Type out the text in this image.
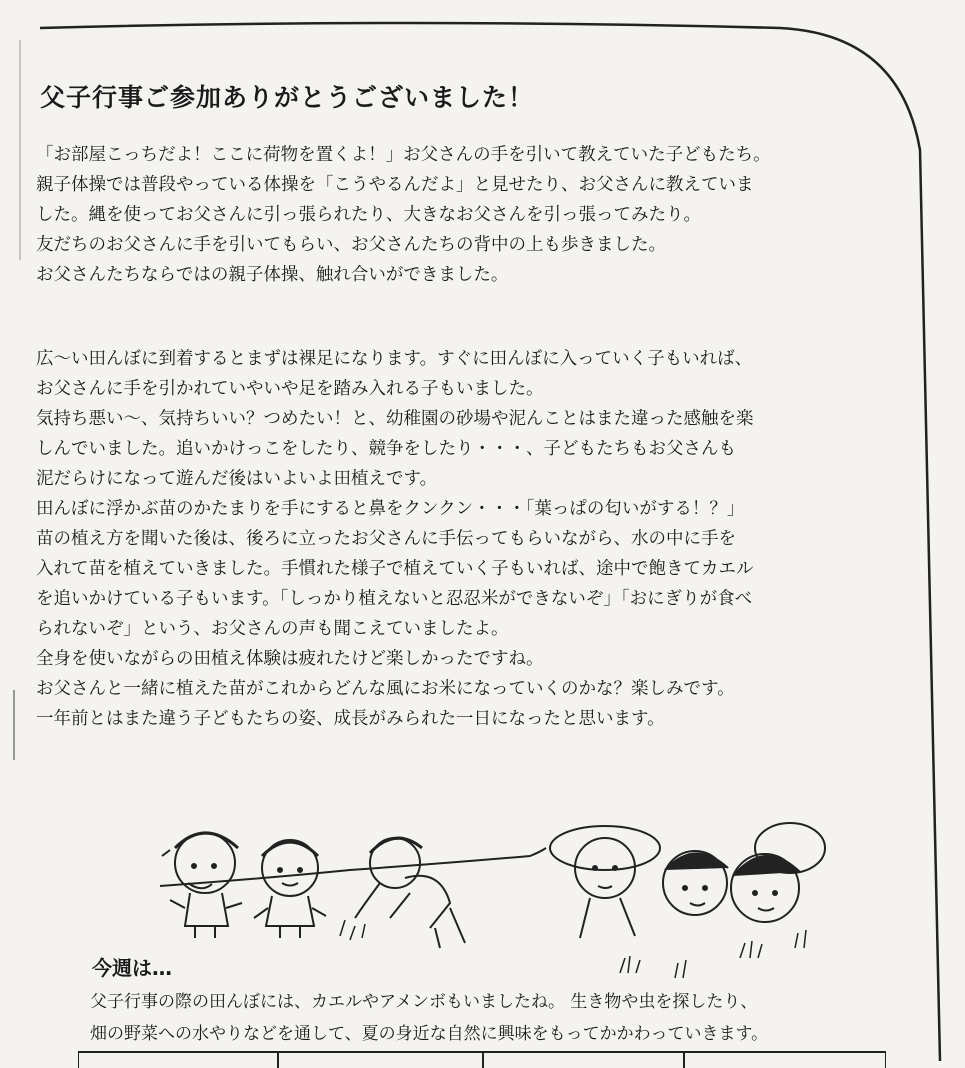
父子行事ご参加ありがとうございました！
「お部屋こっちだよ！ここに荷物を置くよ！」お父さんの手を引いて教えていた子どもたち。
親子体操では普段やっている体操を「こうやるんだよ」と見せたり、お父さんに教えていま
した。縄を使ってお父さんに引っ張られたり、大きなお父さんを引っ張ってみたり。
友だちのお父さんに手を引いてもらい、お父さんたちの背中の上も歩きました。
お父さんたちならではの親子体操、触れ合いができました。
広〜い田んぼに到着するとまずは裸足になります。すぐに田んぼに入っていく子もいれば、
お父さんに手を引かれていやいや足を踏み入れる子もいました。
気持ち悪い〜、気持ちいい？つめたい！と、幼稚園の砂場や泥んことはまた違った感触を楽
しんでいました。追いかけっこをしたり、競争をしたり・・・、子どもたちもお父さんも
泥だらけになって遊んだ後はいよいよ田植えです。
田んぼに浮かぶ苗のかたまりを手にすると鼻をクンクン・・・「葉っぱの匂いがする！？」
苗の植え方を聞いた後は、後ろに立ったお父さんに手伝ってもらいながら、水の中に手を
入れて苗を植えていきました。手慣れた様子で植えていく子もいれば、途中で飽きてカエル
を追いかけている子もいます。「しっかり植えないと忍忍米ができないぞ」「おにぎりが食べ
られないぞ」という、お父さんの声も聞こえていましたよ。
全身を使いながらの田植え体験は疲れたけど楽しかったですね。
お父さんと一緒に植えた苗がこれからどんな風にお米になっていくのかな？楽しみです。
一年前とはまた違う子どもたちの姿、成長がみられた一日になったと思います。
今週は…
父子行事の際の田んぼには、カエルやアメンボもいましたね。 生き物や虫を探したり、
畑の野菜への水やりなどを通して、夏の身近な自然に興味をもってかかわっていきます。
